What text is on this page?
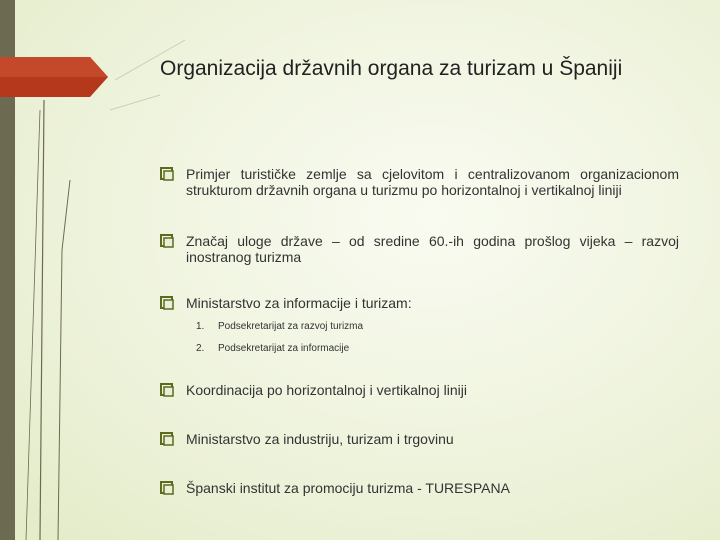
Organizacija državnih organa za turizam u Španiji
Primjer turističke zemlje sa cjelovitom i centralizovanom organizacionom strukturom državnih organa u turizmu po horizontalnoj i vertikalnoj liniji
Značaj uloge države – od sredine 60.-ih godina prošlog vijeka – razvoj inostranog turizma
Ministarstvo za informacije i turizam:
1.	Podsekretarijat za razvoj turizma
2.	Podsekretarijat za informacije
Koordinacija po horizontalnoj i vertikalnoj liniji
Ministarstvo za industriju, turizam i trgovinu
Španski institut za promociju turizma - TURESPANA
